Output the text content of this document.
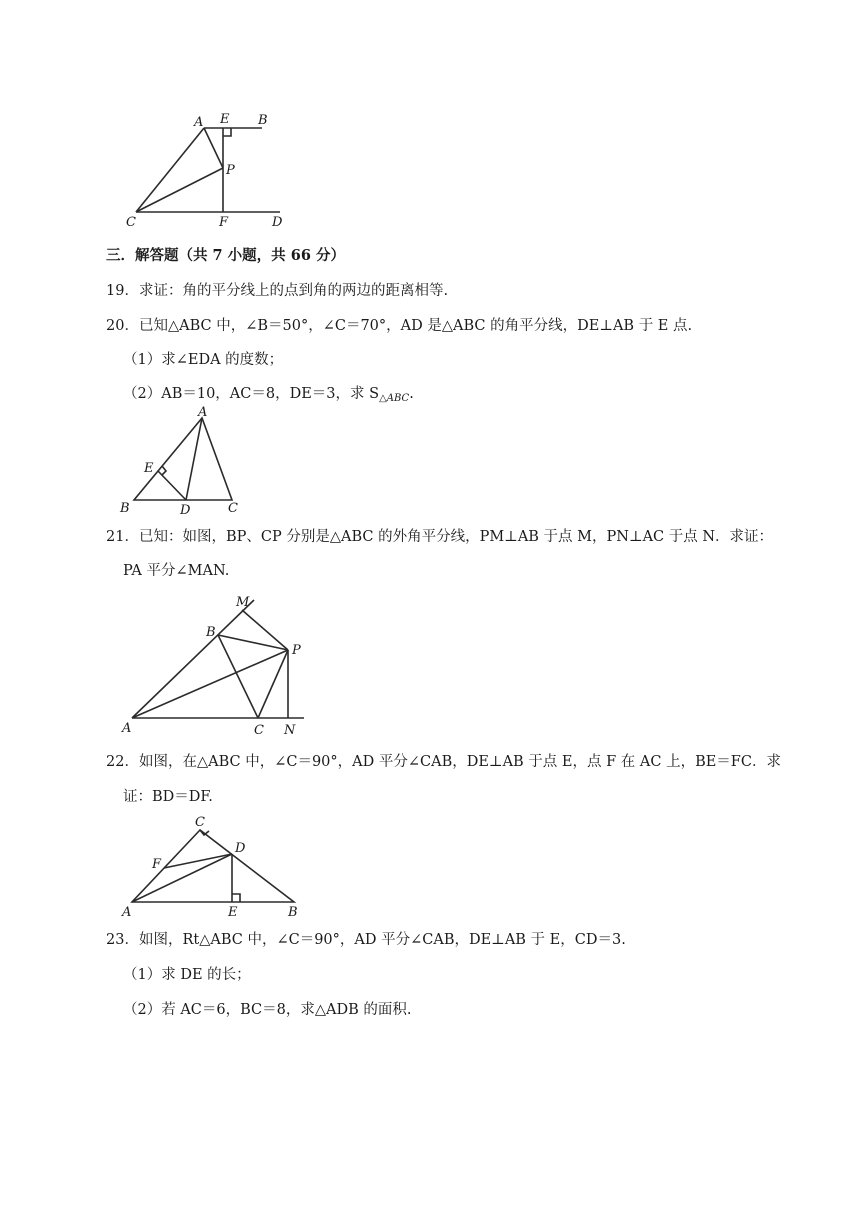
A E B
P
C	F	D
三．解答题（共 7 小题，共 66 分）
19．求证：角的平分线上的点到角的两边的距离相等.
20．已知△ABC 中，∠B＝50°，∠C＝70°，AD 是△ABC 的角平分线，DE⊥AB 于 E 点.
（1）求∠EDA 的度数；
（2）AB＝10，AC＝8，DE＝3，求 $S_{\triangle ABC}$.
A
E
B	D	C
21．已知：如图，BP、CP 分别是△ABC 的外角平分线，PM⊥AB 于点 M，PN⊥AC 于点 N．求证：
PA 平分∠MAN.
M
B
P
A	C N
22．如图，在△ABC 中，∠C＝90°，AD 平分∠CAB，DE⊥AB 于点 E，点 F 在 AC 上，BE＝FC．求
证：BD＝DF.
C
D
F
A	E	B
23．如图，Rt△ABC 中，∠C＝90°，AD 平分∠CAB，DE⊥AB 于 E，CD＝3.
（1）求 DE 的长；
（2）若 AC＝6，BC＝8，求△ADB 的面积.
